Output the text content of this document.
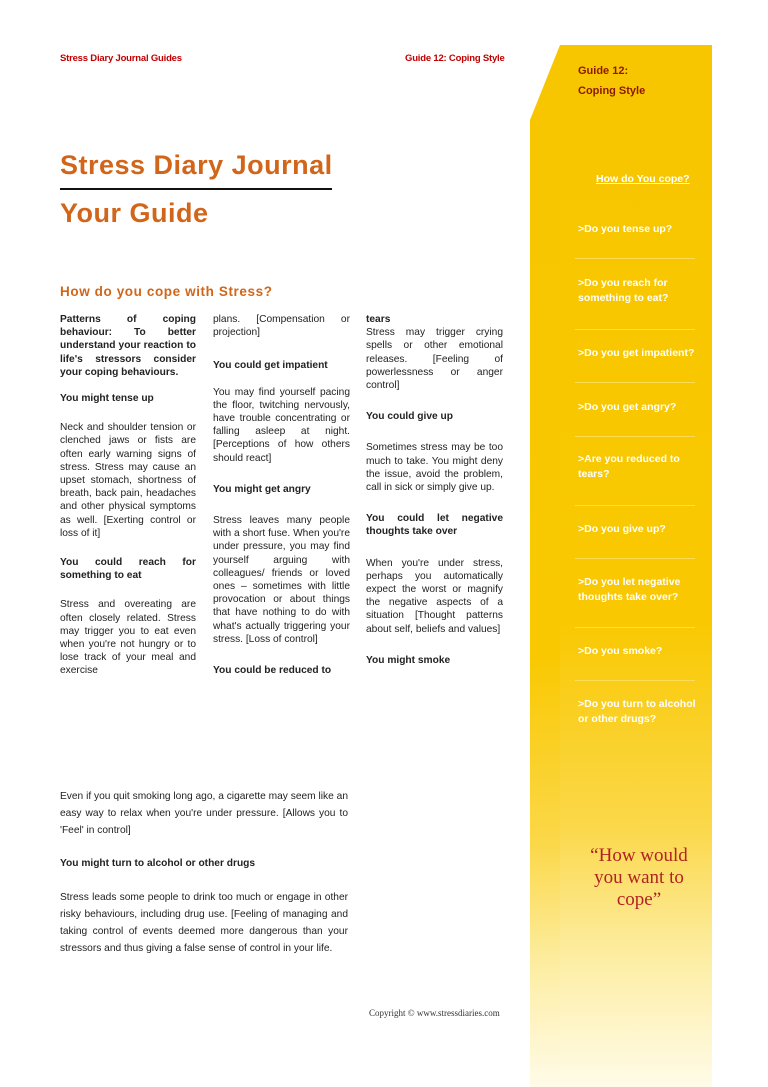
Stress Diary Journal Guides	Guide 12: Coping Style
Stress Diary Journal
Your Guide
How do you cope with Stress?

Patterns of coping behaviour: To better understand your reaction to life's stressors consider your coping behaviours.

You might tense up

Neck and shoulder tension or clenched jaws or fists are often early warning signs of stress. Stress may cause an upset stomach, shortness of breath, back pain, headaches and other physical symptoms as well. [Exerting control or loss of it]

You could reach for something to eat

Stress and overeating are often closely related. Stress may trigger you to eat even when you're not hungry or to lose track of your meal and exercise

plans. [Compensation or projection]

You could get impatient

You may find yourself pacing the floor, twitching nervously, have trouble concentrating or falling asleep at night. [Perceptions of how others should react]

You might get angry

Stress leaves many people with a short fuse. When you're under pressure, you may find yourself arguing with colleagues/ friends or loved ones – sometimes with little provocation or about things that have nothing to do with what's actually triggering your stress. [Loss of control]

You could be reduced to

tears

Stress may trigger crying spells or other emotional releases. [Feeling of powerlessness or anger control]

You could give up

Sometimes stress may be too much to take. You might deny the issue, avoid the problem, call in sick or simply give up.

You could let negative thoughts take over

When you're under stress, perhaps you automatically expect the worst or magnify the negative aspects of a situation [Thought patterns about self, beliefs and values]

You might smoke

Even if you quit smoking long ago, a cigarette may seem like an easy way to relax when you're under pressure. [Allows you to 'Feel' in control]

You might turn to alcohol or other drugs

Stress leads some people to drink too much or engage in other risky behaviours, including drug use. [Feeling of managing and taking control of events deemed more dangerous than your stressors and thus giving a false sense of control in your life.

Guide 12:
Coping Style
How do You cope?
>Do you tense up?
>Do you reach for something to eat?
>Do you get impatient?
>Do you get angry?
>Are you reduced to tears?
>Do you give up?
>Do you let negative thoughts take over?
>Do you smoke?
>Do you turn to alcohol or other drugs?
“How would you want to cope”
Copyright © www.stressdiaries.com
